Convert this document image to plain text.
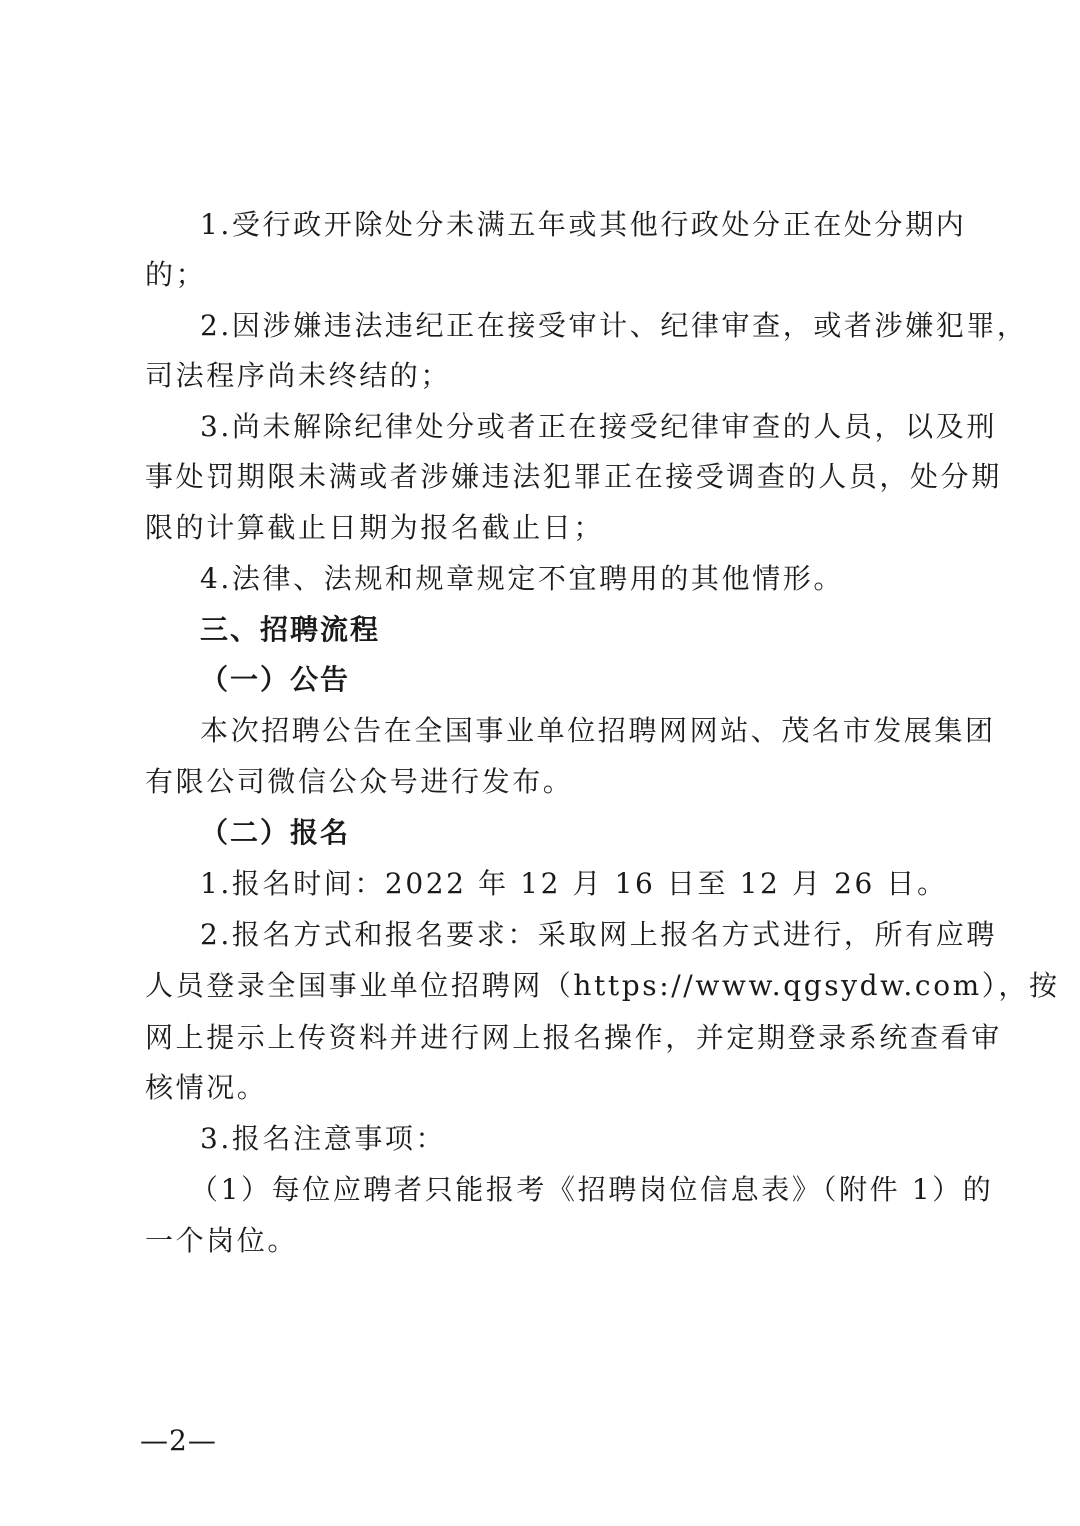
1.受行政开除处分未满五年或其他行政处分正在处分期内
的；
2.因涉嫌违法违纪正在接受审计、纪律审查，或者涉嫌犯罪，
司法程序尚未终结的；
3.尚未解除纪律处分或者正在接受纪律审查的人员，以及刑
事处罚期限未满或者涉嫌违法犯罪正在接受调查的人员，处分期
限的计算截止日期为报名截止日；
4.法律、法规和规章规定不宜聘用的其他情形。
三、招聘流程
（一）公告
本次招聘公告在全国事业单位招聘网网站、茂名市发展集团
有限公司微信公众号进行发布。
（二）报名
1.报名时间：2022 年 12 月 16 日至 12 月 26 日。
2.报名方式和报名要求：采取网上报名方式进行，所有应聘
人员登录全国事业单位招聘网（https://www.qgsydw.com），按
网上提示上传资料并进行网上报名操作，并定期登录系统查看审
核情况。
3.报名注意事项：
（1）每位应聘者只能报考《招聘岗位信息表》（附件 1）的
一个岗位。
—2—
